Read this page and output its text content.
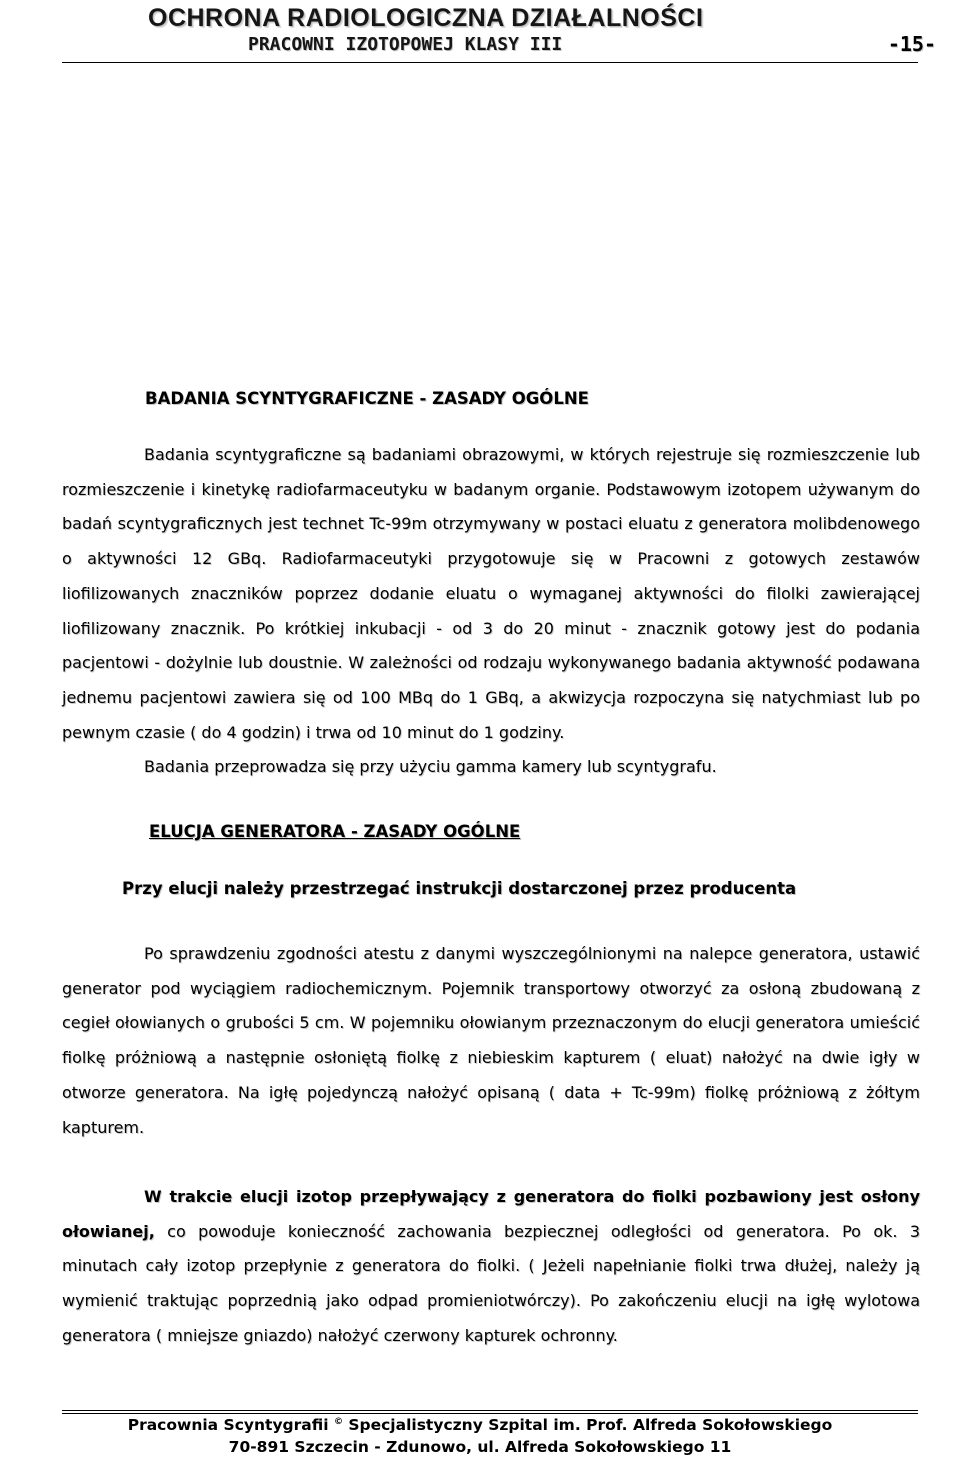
OCHRONA RADIOLOGICZNA DZIAŁALNOŚCI
PRACOWNI IZOTOPOWEJ KLASY III	-15-
BADANIA SCYNTYGRAFICZNE - ZASADY OGÓLNE

Badania scyntygraficzne są badaniami obrazowymi, w których rejestruje się rozmieszczenie lub rozmieszczenie i kinetykę radiofarmaceutyku w badanym organie. Podstawowym izotopem używanym do badań scyntygraficznych jest technet Tc-99m otrzymywany w postaci eluatu z generatora molibdenowego o aktywności 12 GBq. Radiofarmaceutyki przygotowuje się w Pracowni z gotowych zestawów liofilizowanych znaczników poprzez dodanie eluatu o wymaganej aktywności do filolki zawierającej liofilizowany znacznik. Po krótkiej inkubacji - od 3 do 20 minut - znacznik gotowy jest do podania pacjentowi - dożylnie lub doustnie. W zależności od rodzaju wykonywanego badania aktywność podawana jednemu pacjentowi zawiera się od 100 MBq do 1 GBq, a akwizycja rozpoczyna się natychmiast lub po pewnym czasie ( do 4 godzin) i trwa od 10 minut do 1 godziny.

Badania przeprowadza się przy użyciu gamma kamery lub scyntygrafu.

ELUCJA GENERATORA - ZASADY OGÓLNE
Przy elucji należy przestrzegać instrukcji dostarczonej przez producenta

Po sprawdzeniu zgodności atestu z danymi wyszczególnionymi na nalepce generatora, ustawić generator pod wyciągiem radiochemicznym. Pojemnik transportowy otworzyć za osłoną zbudowaną z cegieł ołowianych o grubości 5 cm. W pojemniku ołowianym przeznaczonym do elucji generatora umieścić fiolkę próżniową a następnie osłoniętą fiolkę z niebieskim kapturem ( eluat) nałożyć na dwie igły w otworze generatora. Na igłę pojedynczą nałożyć opisaną ( data + Tc-99m) fiolkę próżniową z żółtym kapturem.

W trakcie elucji izotop przepływający z generatora do fiolki pozbawiony jest osłony ołowianej, co powoduje konieczność zachowania bezpiecznej odległości od generatora. Po ok. 3 minutach cały izotop przepłynie z generatora do fiolki. ( Jeżeli napełnianie fiolki trwa dłużej, należy ją wymienić traktując poprzednią jako odpad promieniotwórczy). Po zakończeniu elucji na igłę wylotowa generatora ( mniejsze gniazdo) nałożyć czerwony kapturek ochronny.

Pracownia Scyntygrafii © Specjalistyczny Szpital im. Prof. Alfreda Sokołowskiego
70-891 Szczecin - Zdunowo, ul. Alfreda Sokołowskiego 11
